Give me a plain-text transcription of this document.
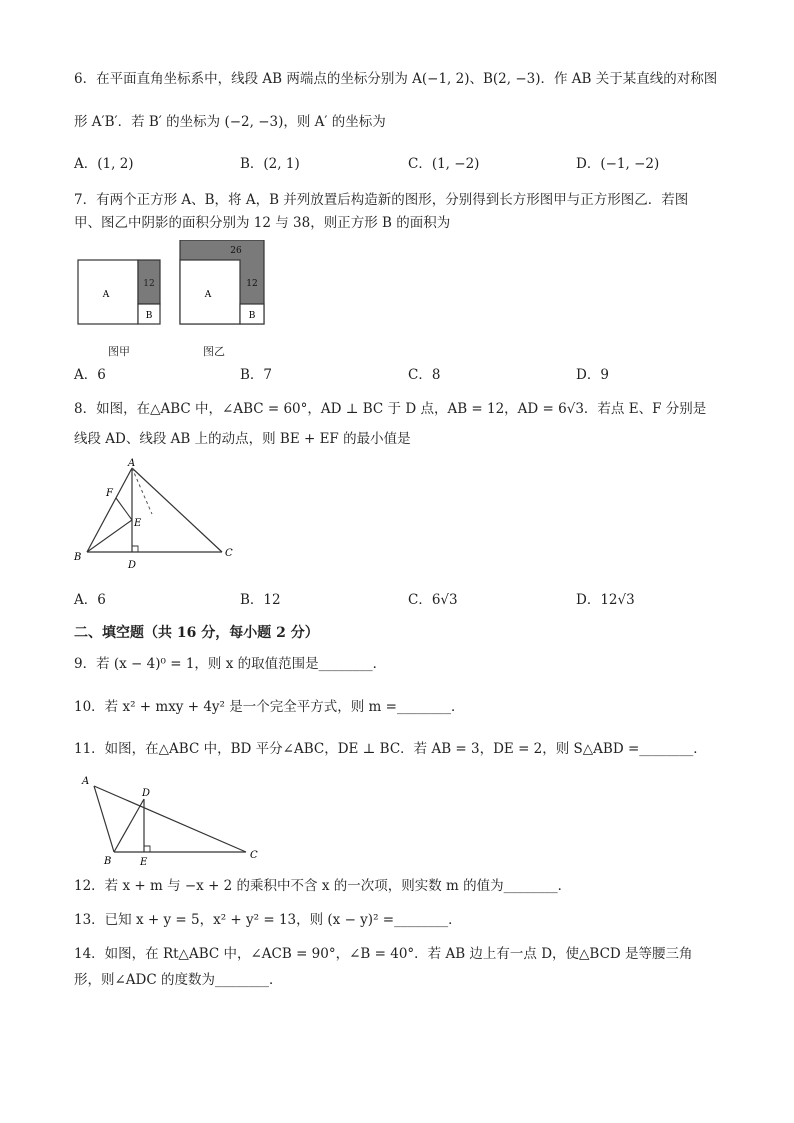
6．在平面直角坐标系中，线段 AB 两端点的坐标分别为 A(−1, 2)、B(2, −3)．作 AB 关于某直线的对称图
形 A′B′．若 B′ 的坐标为 (−2, −3)，则 A′ 的坐标为
A．(1, 2)	B．(2, 1)	C．(1, −2)	D．(−1, −2)
7．有两个正方形 A、B，将 A，B 并列放置后构造新的图形，分别得到长方形图甲与正方形图乙．若图
甲、图乙中阴影的面积分别为 12 与 38，则正方形 B 的面积为
A
B
12
A
B
26
12
图甲	图乙
A．6	B．7	C．8	D．9
8．如图，在△ABC 中，∠ABC = 60°，AD ⊥ BC 于 D 点，AB = 12，AD = 6√3．若点 E、F 分别是
线段 AD、线段 AB 上的动点，则 BE + EF 的最小值是
A
B	C
D
E
F
A．6	B．12	C．6√3	D．12√3
二、填空题（共 16 分，每小题 2 分）
9．若 (x − 4)⁰ = 1，则 x 的取值范围是________．
10．若 x² + mxy + 4y² 是一个完全平方式，则 m =________．
11．如图，在△ABC 中，BD 平分∠ABC，DE ⊥ BC．若 AB = 3，DE = 2，则 S△ABD =________．
A
B
C
D
E
12．若 x + m 与 −x + 2 的乘积中不含 x 的一次项，则实数 m 的值为________．
13．已知 x + y = 5，x² + y² = 13，则 (x − y)² =________．
14．如图，在 Rt△ABC 中，∠ACB = 90°，∠B = 40°．若 AB 边上有一点 D，使△BCD 是等腰三角
形，则∠ADC 的度数为________．
